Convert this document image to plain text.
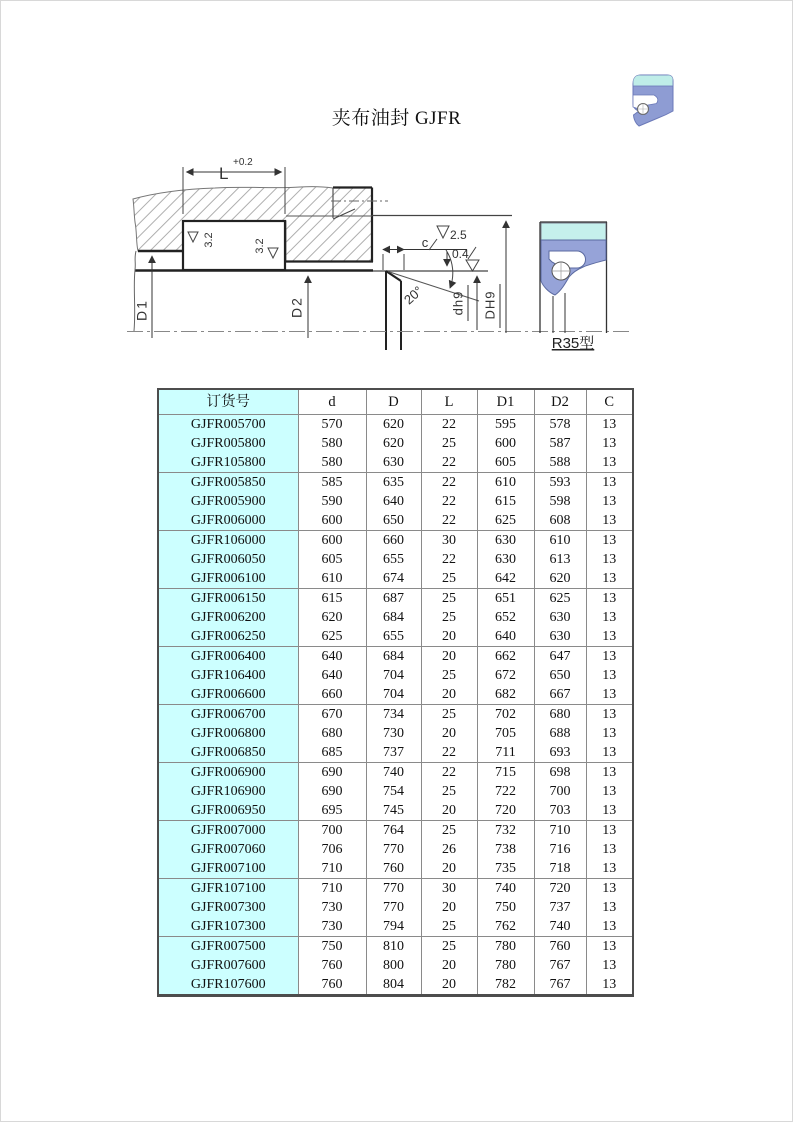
夹布油封 GJFR
L
+0.2
3.2	3.2	c 2.5
0.4
20° dh9 DH9
D1	D2
R35型
订货号	d	D	L	D1	D2	C
GJFR005700	570	620	22	595	578	13
GJFR005800	580	620	25	600	587	13
GJFR105800	580	630	22	605	588	13
GJFR005850	585	635	22	610	593	13
GJFR005900	590	640	22	615	598	13
GJFR006000	600	650	22	625	608	13
GJFR106000	600	660	30	630	610	13
GJFR006050	605	655	22	630	613	13
GJFR006100	610	674	25	642	620	13
GJFR006150	615	687	25	651	625	13
GJFR006200	620	684	25	652	630	13
GJFR006250	625	655	20	640	630	13
GJFR006400	640	684	20	662	647	13
GJFR106400	640	704	25	672	650	13
GJFR006600	660	704	20	682	667	13
GJFR006700	670	734	25	702	680	13
GJFR006800	680	730	20	705	688	13
GJFR006850	685	737	22	711	693	13
GJFR006900	690	740	22	715	698	13
GJFR106900	690	754	25	722	700	13
GJFR006950	695	745	20	720	703	13
GJFR007000	700	764	25	732	710	13
GJFR007060	706	770	26	738	716	13
GJFR007100	710	760	20	735	718	13
GJFR107100	710	770	30	740	720	13
GJFR007300	730	770	20	750	737	13
GJFR107300	730	794	25	762	740	13
GJFR007500	750	810	25	780	760	13
GJFR007600	760	800	20	780	767	13
GJFR107600	760	804	20	782	767	13
